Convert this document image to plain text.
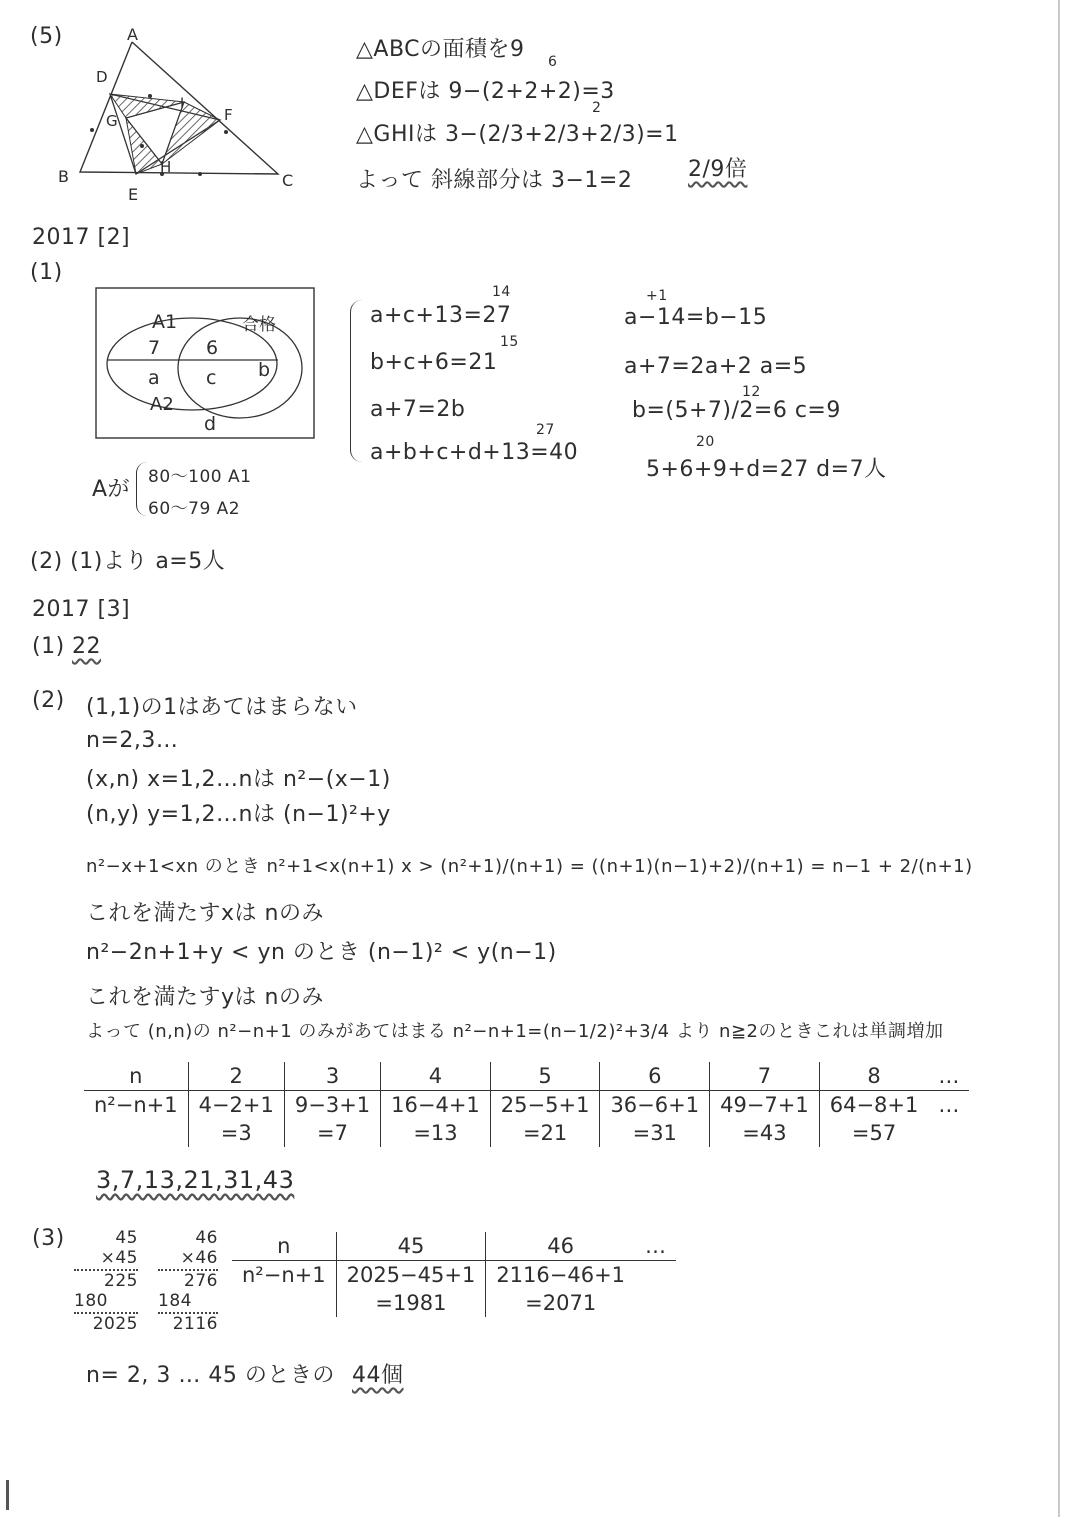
(5)	A
D
I
F
G
H
B
E
C
△ABCの面積を9 6
△DEFは 9−(2+2+2)=3
2
△GHIは 3−(2/3+2/3+2/3)=1
よって 斜線部分は 3−1=2	2/9倍
2017 [2]
(1)
A1	合格
7 6
b
a c
A2
d
Aが 80〜100 A1
60〜79 A2
14
a+c+13=27
15
b+c+6=21
a+7=2b
27
a+b+c+d+13=40
+1
a−14=b−15
a+7=2a+2 a=5
12
b=(5+7)/2=6 c=9
20
5+6+9+d=27 d=7人
(2) (1)より a=5人
2017 [3]
(1) 22
(2) (1,1)の1はあてはまらない
n=2,3…
(x,n) x=1,2…nは n²−(x−1)
(n,y) y=1,2…nは (n−1)²+y
n²−x+1<xn のとき n²+1<x(n+1) x > (n²+1)/(n+1) = ((n+1)(n−1)+2)/(n+1) = n−1 + 2/(n+1)
これを満たすxは nのみ
n²−2n+1+y < yn のとき (n−1)² < y(n−1)
これを満たすyは nのみ
よって (n,n)の n²−n+1 のみがあてはまる n²−n+1=(n−1/2)²+3/4 より n≧2のときこれは単調増加
n	2	3	4	5	6	7	8	…
n²−n+1	4−2+1	9−3+1	16−4+1	25−5+1	36−6+1	49−7+1	64−8+1	…
	=3	=7	=13	=21	=31	=43	=57	
3,7,13,21,31,43
(3)	45
×45
225
180
2025
46
×46
276
184
2116
n	45	46	…
n²−n+1	2025−45+1	2116−46+1	
	=1981	=2071	
n= 2, 3 … 45 のときの 44個
